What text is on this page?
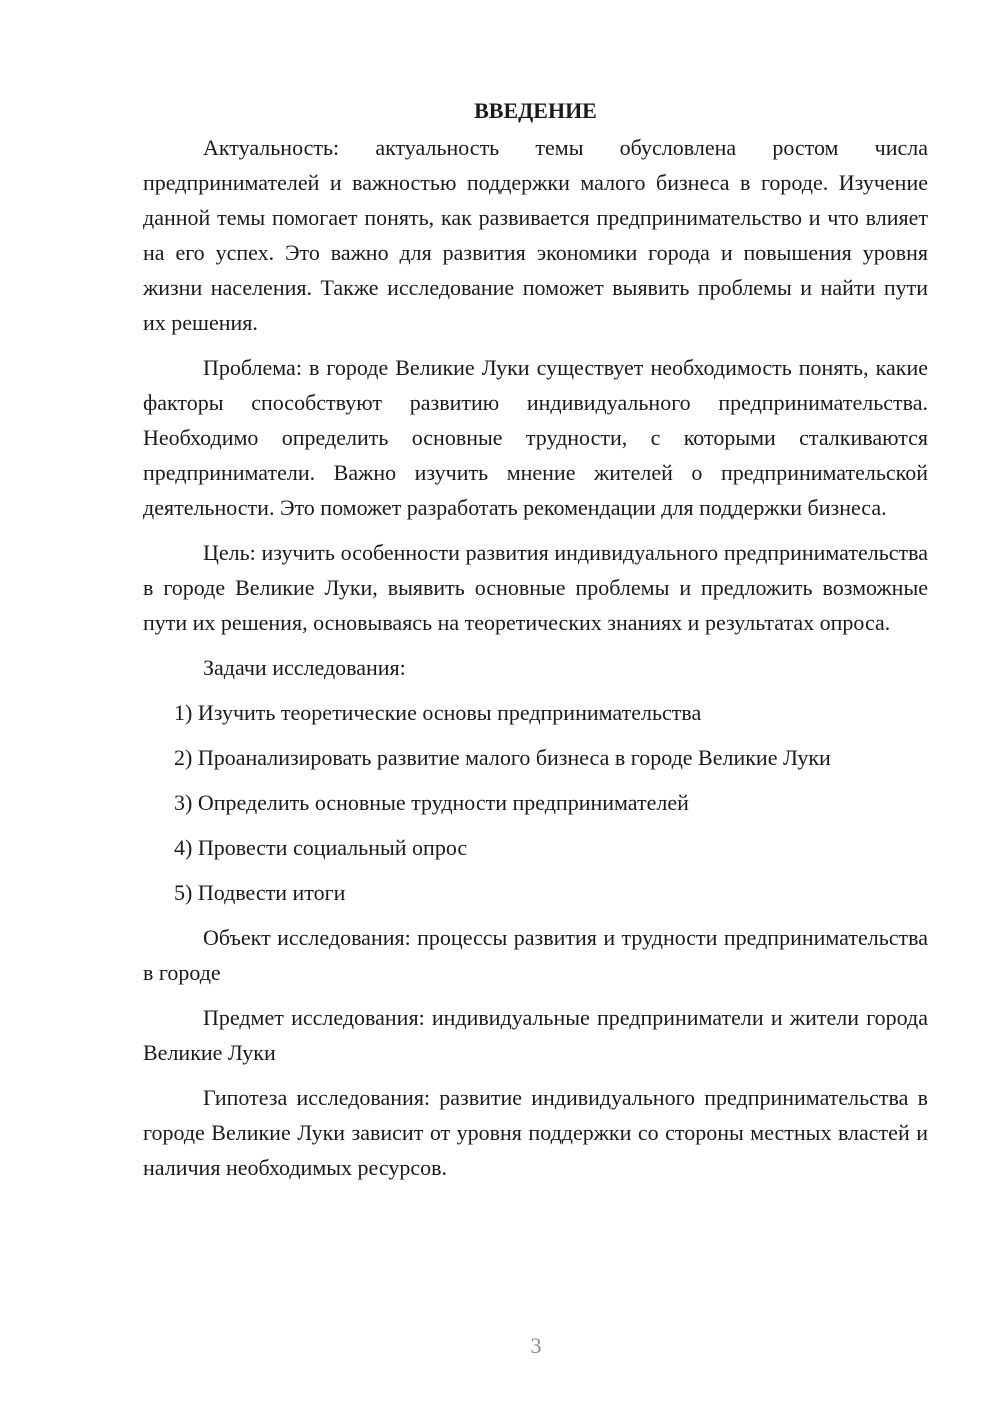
ВВЕДЕНИЕ

Актуальность: актуальность темы обусловлена ростом числа предпринимателей и важностью поддержки малого бизнеса в городе. Изучение данной темы помогает понять, как развивается предпринимательство и что влияет на его успех. Это важно для развития экономики города и повышения уровня жизни населения. Также исследование поможет выявить проблемы и найти пути их решения.

Проблема: в городе Великие Луки существует необходимость понять, какие факторы способствуют развитию индивидуального предпринимательства. Необходимо определить основные трудности, с которыми сталкиваются предприниматели. Важно изучить мнение жителей о предпринимательской деятельности. Это поможет разработать рекомендации для поддержки бизнеса.

Цель: изучить особенности развития индивидуального предпринимательства в городе Великие Луки, выявить основные проблемы и предложить возможные пути их решения, основываясь на теоретических знаниях и результатах опроса.

Задачи исследования:

1) Изучить теоретические основы предпринимательства
2) Проанализировать развитие малого бизнеса в городе Великие Луки
3) Определить основные трудности предпринимателей
4) Провести социальный опрос
5) Подвести итоги

Объект исследования: процессы развития и трудности предпринимательства в городе

Предмет исследования: индивидуальные предприниматели и жители города Великие Луки

Гипотеза исследования: развитие индивидуального предпринимательства в городе Великие Луки зависит от уровня поддержки со стороны местных властей и наличия необходимых ресурсов.

3
